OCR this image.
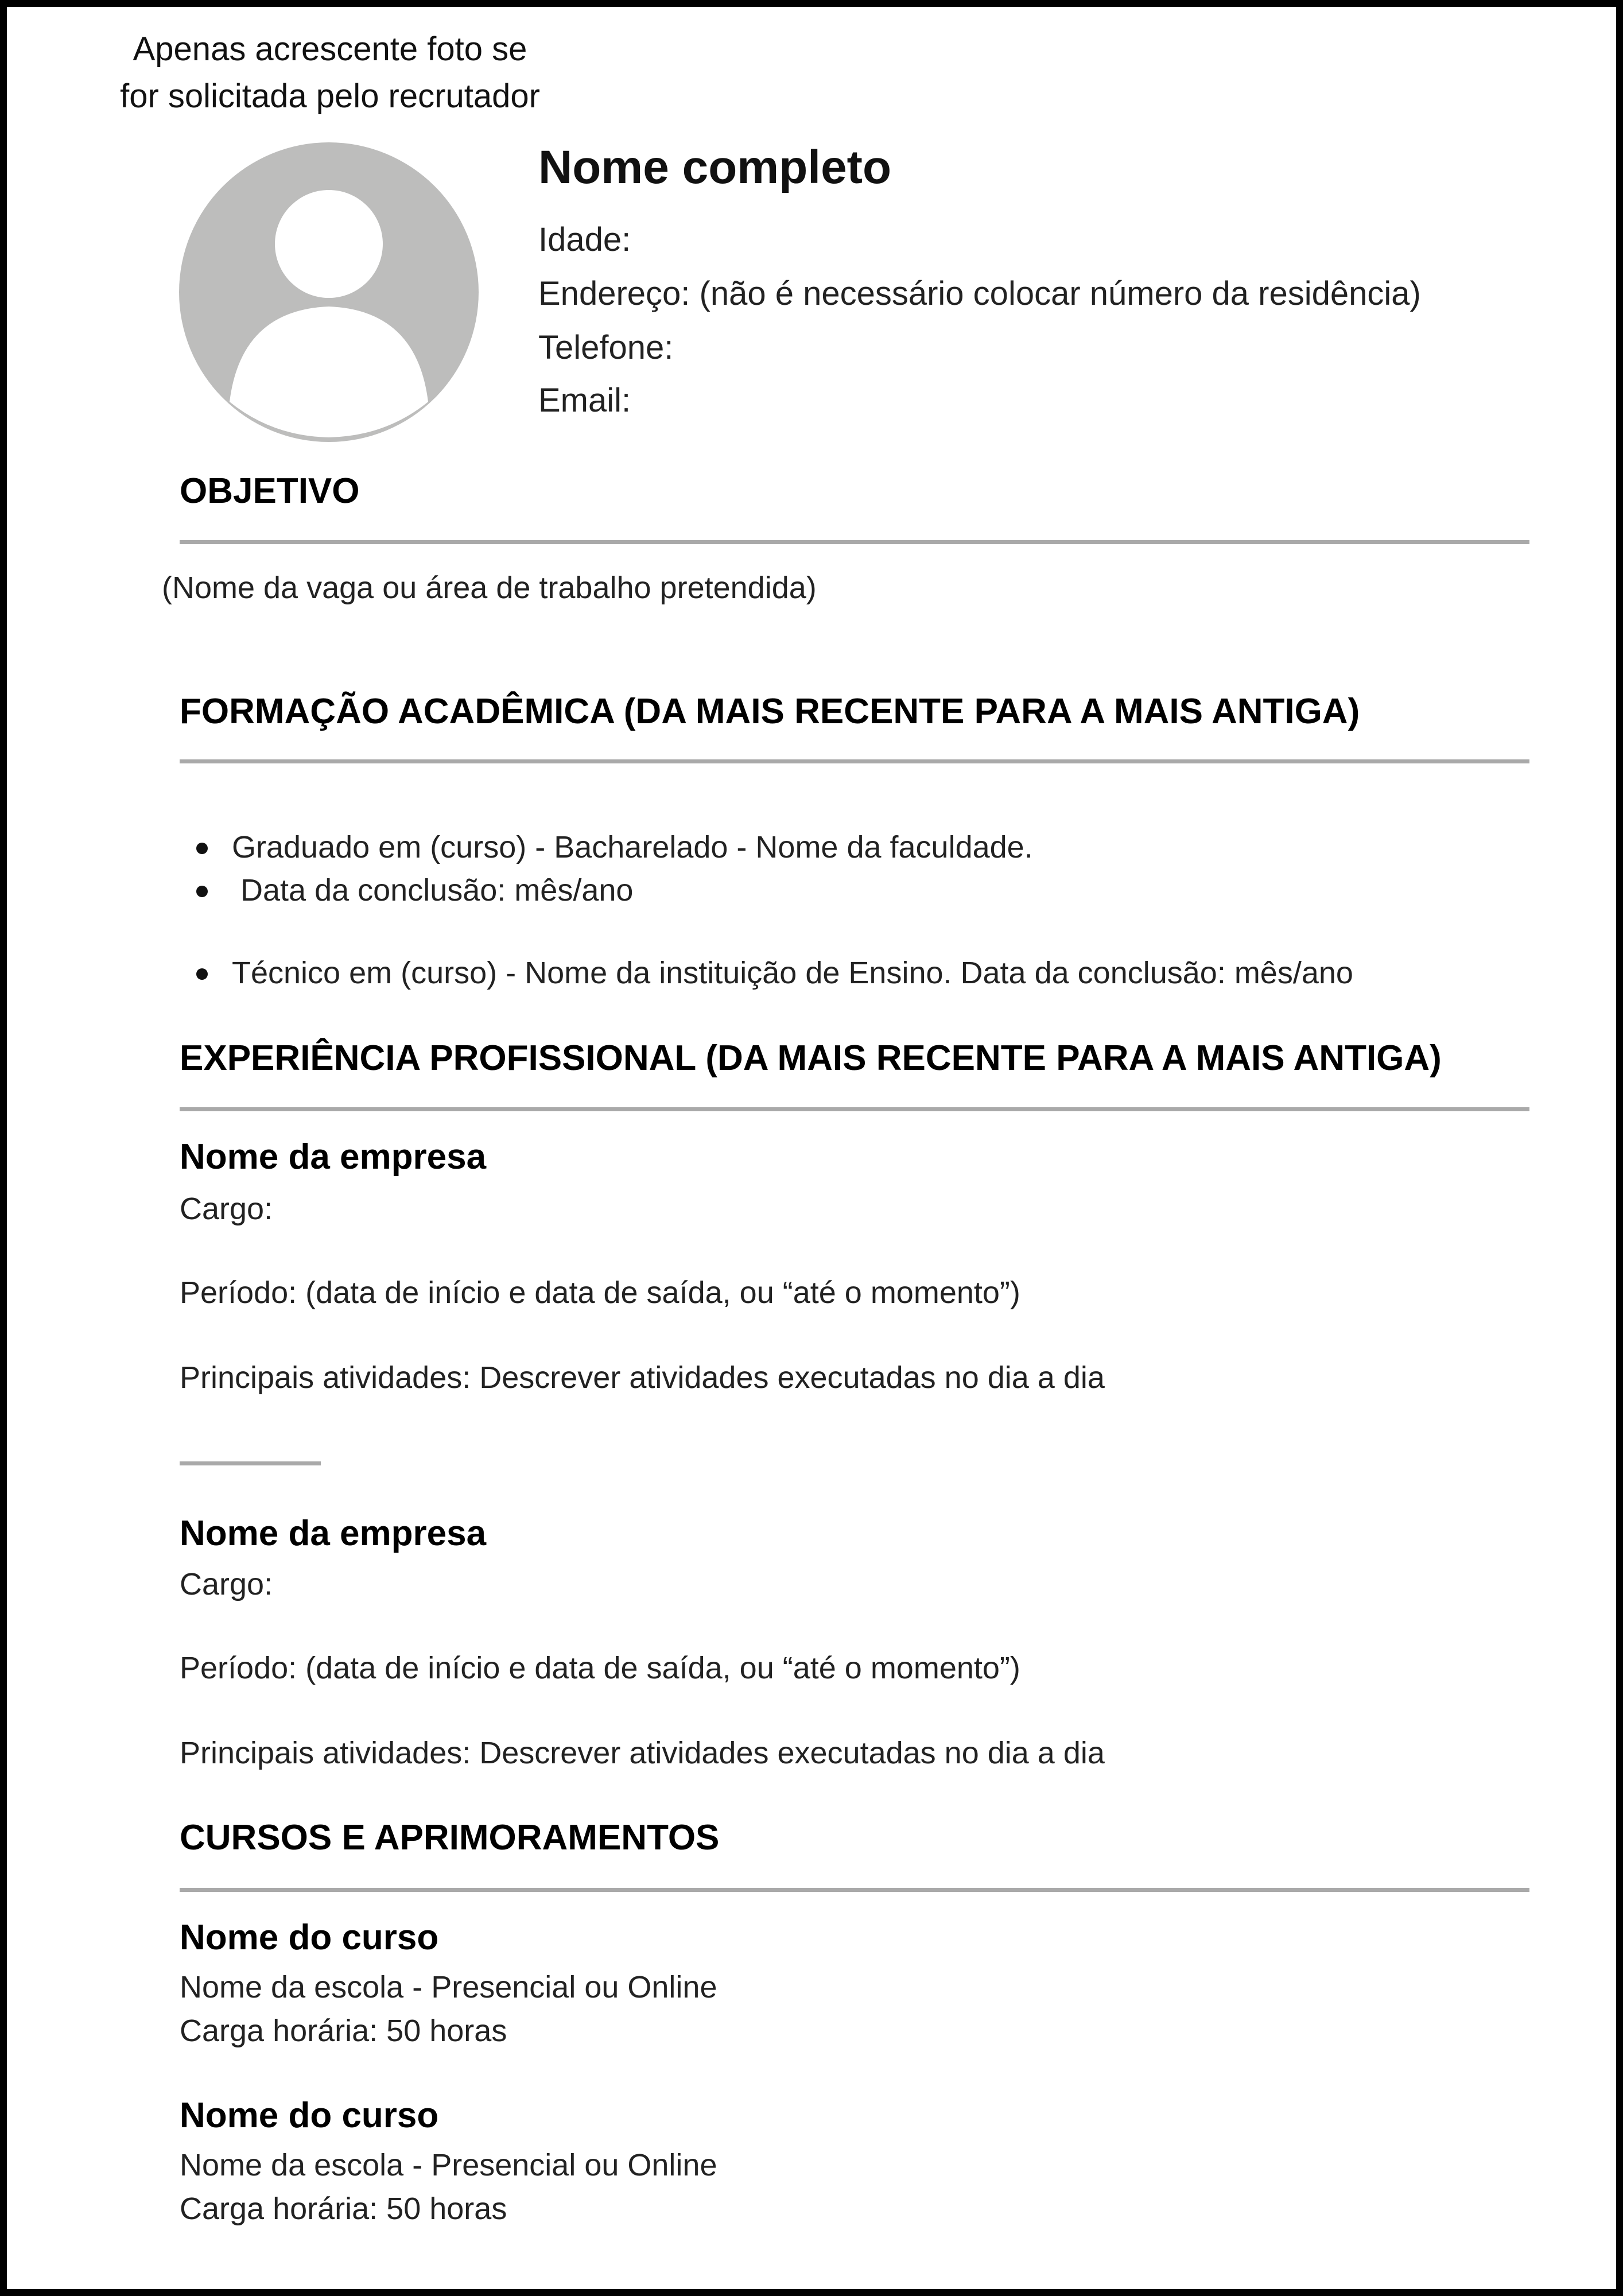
Apenas acrescente foto se
for solicitada pelo recrutador
Nome completo
Idade:
Endereço: (não é necessário colocar número da residência)
Telefone:
Email:
OBJETIVO
(Nome da vaga ou área de trabalho pretendida)
FORMAÇÃO ACADÊMICA (DA MAIS RECENTE PARA A MAIS ANTIGA)
Graduado em (curso) - Bacharelado - Nome da faculdade.
Data da conclusão: mês/ano
Técnico em (curso) - Nome da instituição de Ensino. Data da conclusão: mês/ano
EXPERIÊNCIA PROFISSIONAL (DA MAIS RECENTE PARA A MAIS ANTIGA)
Nome da empresa
Cargo:
Período: (data de início e data de saída, ou “até o momento”)
Principais atividades: Descrever atividades executadas no dia a dia
Nome da empresa
Cargo:
Período: (data de início e data de saída, ou “até o momento”)
Principais atividades: Descrever atividades executadas no dia a dia
CURSOS E APRIMORAMENTOS
Nome do curso
Nome da escola - Presencial ou Online
Carga horária: 50 horas
Nome do curso
Nome da escola - Presencial ou Online
Carga horária: 50 horas
